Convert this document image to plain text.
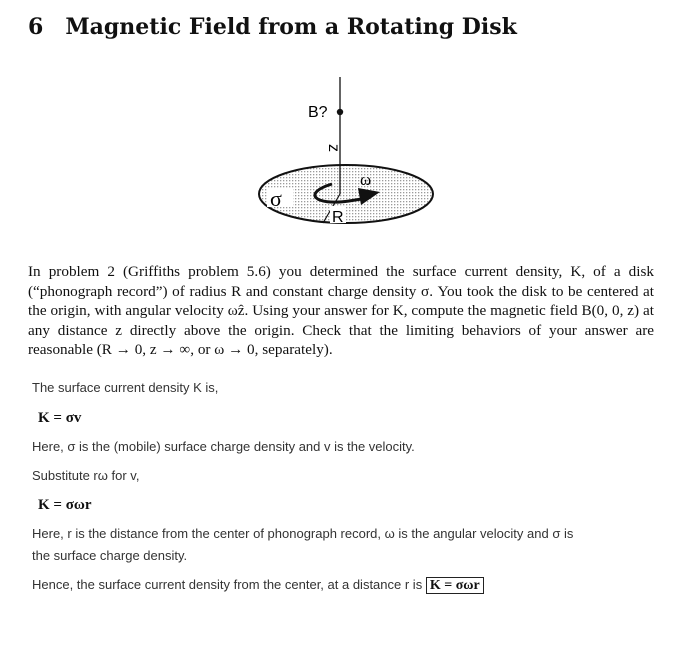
6 Magnetic Field from a Rotating Disk
B?
z
σ
ω
R
In problem 2 (Griffiths problem 5.6) you determined the surface current density, K, of a disk (“phonograph record”) of radius R and constant charge density σ. You took the disk to be centered at the origin, with angular velocity ωẑ. Using your answer for K, compute the magnetic field B(0, 0, z) at any distance z directly above the origin. Check that the limiting behaviors of your answer are reasonable (R → 0, z → ∞, or ω → 0, separately).
The surface current density K is,
K = σv
Here, σ is the (mobile) surface charge density and v is the velocity.
Substitute rω for v,
K = σωr
Here, r is the distance from the center of phonograph record, ω is the angular velocity and σ is
the surface charge density.
Hence, the surface current density from the center, at a distance r is K = σωr
